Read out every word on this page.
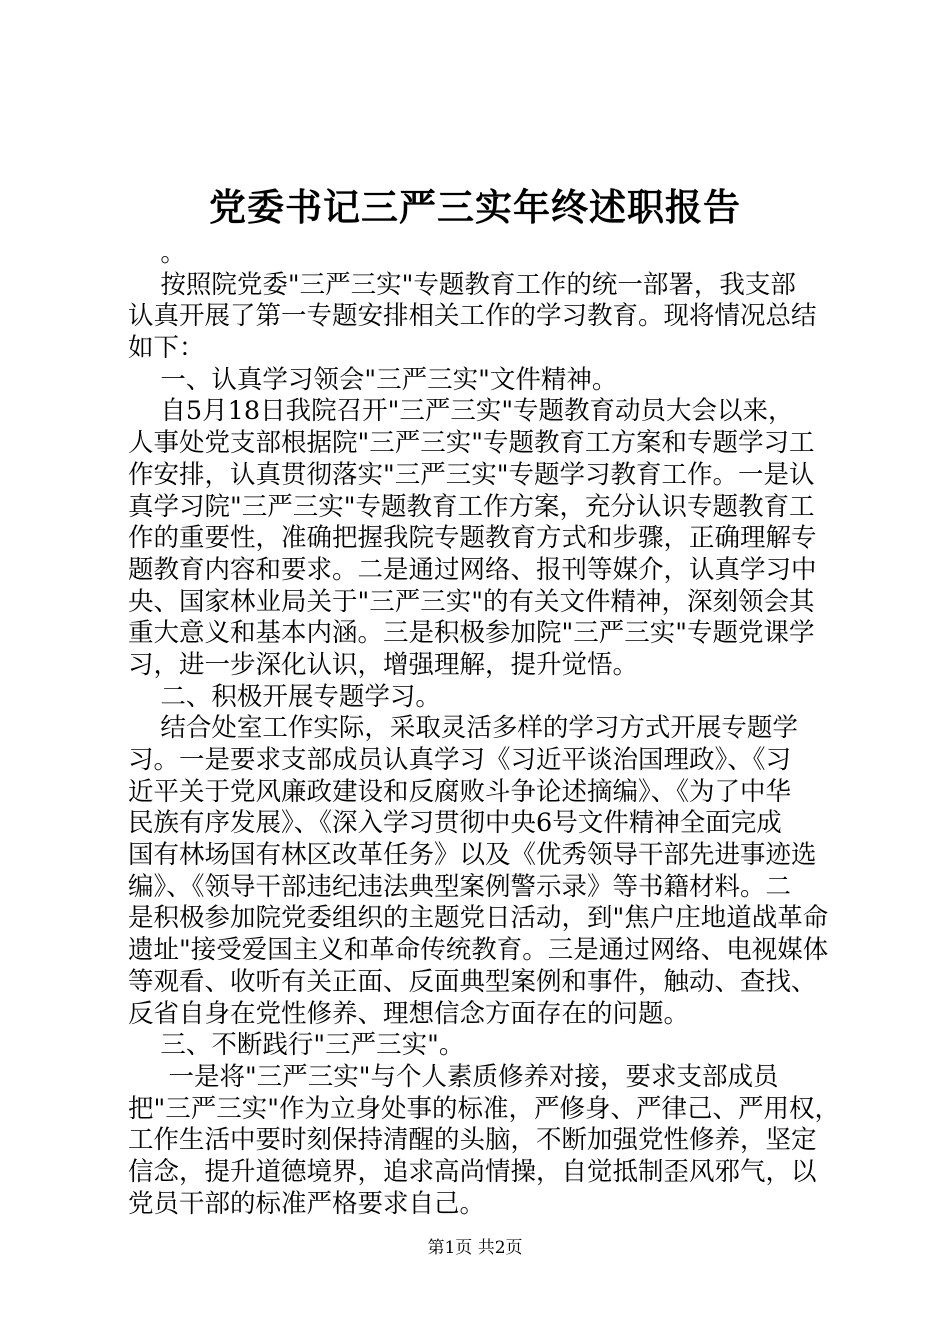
党委书记三严三实年终述职报告
。
按照院党委"三严三实"专题教育工作的统一部署，我支部
认真开展了第一专题安排相关工作的学习教育。现将情况总结
如下：
一、认真学习领会"三严三实"文件精神。
自5月18日我院召开"三严三实"专题教育动员大会以来，
人事处党支部根据院"三严三实"专题教育工方案和专题学习工
作安排，认真贯彻落实"三严三实"专题学习教育工作。一是认
真学习院"三严三实"专题教育工作方案，充分认识专题教育工
作的重要性，准确把握我院专题教育方式和步骤，正确理解专
题教育内容和要求。二是通过网络、报刊等媒介，认真学习中
央、国家林业局关于"三严三实"的有关文件精神，深刻领会其
重大意义和基本内涵。三是积极参加院"三严三实"专题党课学
习，进一步深化认识，增强理解，提升觉悟。
二、积极开展专题学习。
结合处室工作实际，采取灵活多样的学习方式开展专题学
习。一是要求支部成员认真学习《习近平谈治国理政》、《习
近平关于党风廉政建设和反腐败斗争论述摘编》、《为了中华
民族有序发展》、《深入学习贯彻中央6号文件精神全面完成
国有林场国有林区改革任务》以及《优秀领导干部先进事迹选
编》、《领导干部违纪违法典型案例警示录》等书籍材料。二
是积极参加院党委组织的主题党日活动，到"焦户庄地道战革命
遗址"接受爱国主义和革命传统教育。三是通过网络、电视媒体
等观看、收听有关正面、反面典型案例和事件，触动、查找、
反省自身在党性修养、理想信念方面存在的问题。
三、不断践行"三严三实"。
一是将"三严三实"与个人素质修养对接，要求支部成员
把"三严三实"作为立身处事的标准，严修身、严律己、严用权，
工作生活中要时刻保持清醒的头脑，不断加强党性修养，坚定
信念，提升道德境界，追求高尚情操，自觉抵制歪风邪气，以
党员干部的标准严格要求自己。
第1页 共2页
